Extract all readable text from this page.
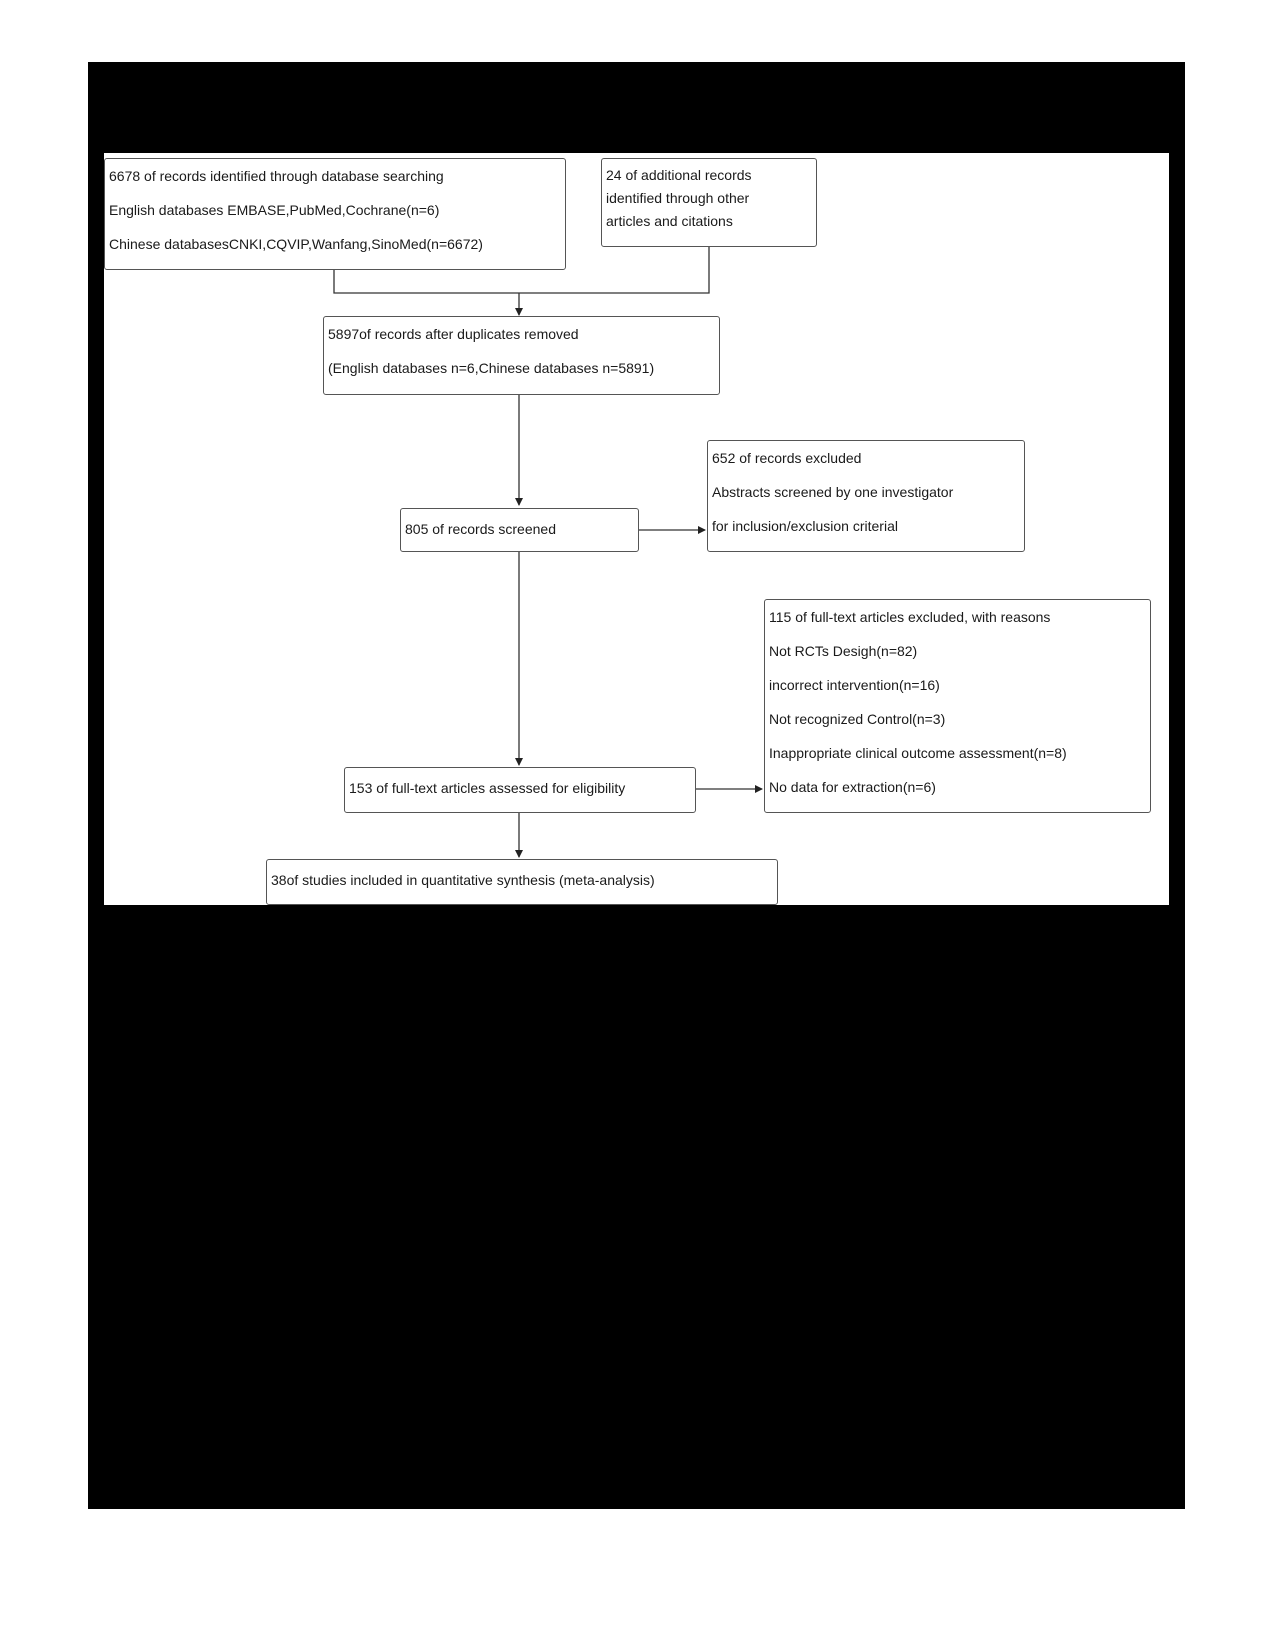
6678 of records identified through database searching
English databases EMBASE,PubMed,Cochrane(n=6)
Chinese databasesCNKI,CQVIP,Wanfang,SinoMed(n=6672)
24 of additional records
identified through other
articles and citations
5897of records after duplicates removed
(English databases n=6,Chinese databases n=5891)
805 of records screened
652 of records excluded
Abstracts screened by one investigator
for inclusion/exclusion criterial
153 of full-text articles assessed for eligibility
115 of full-text articles excluded, with reasons
Not RCTs Desigh(n=82)
incorrect intervention(n=16)
Not recognized Control(n=3)
Inappropriate clinical outcome assessment(n=8)
No data for extraction(n=6)
38of studies included in quantitative synthesis (meta-analysis)
